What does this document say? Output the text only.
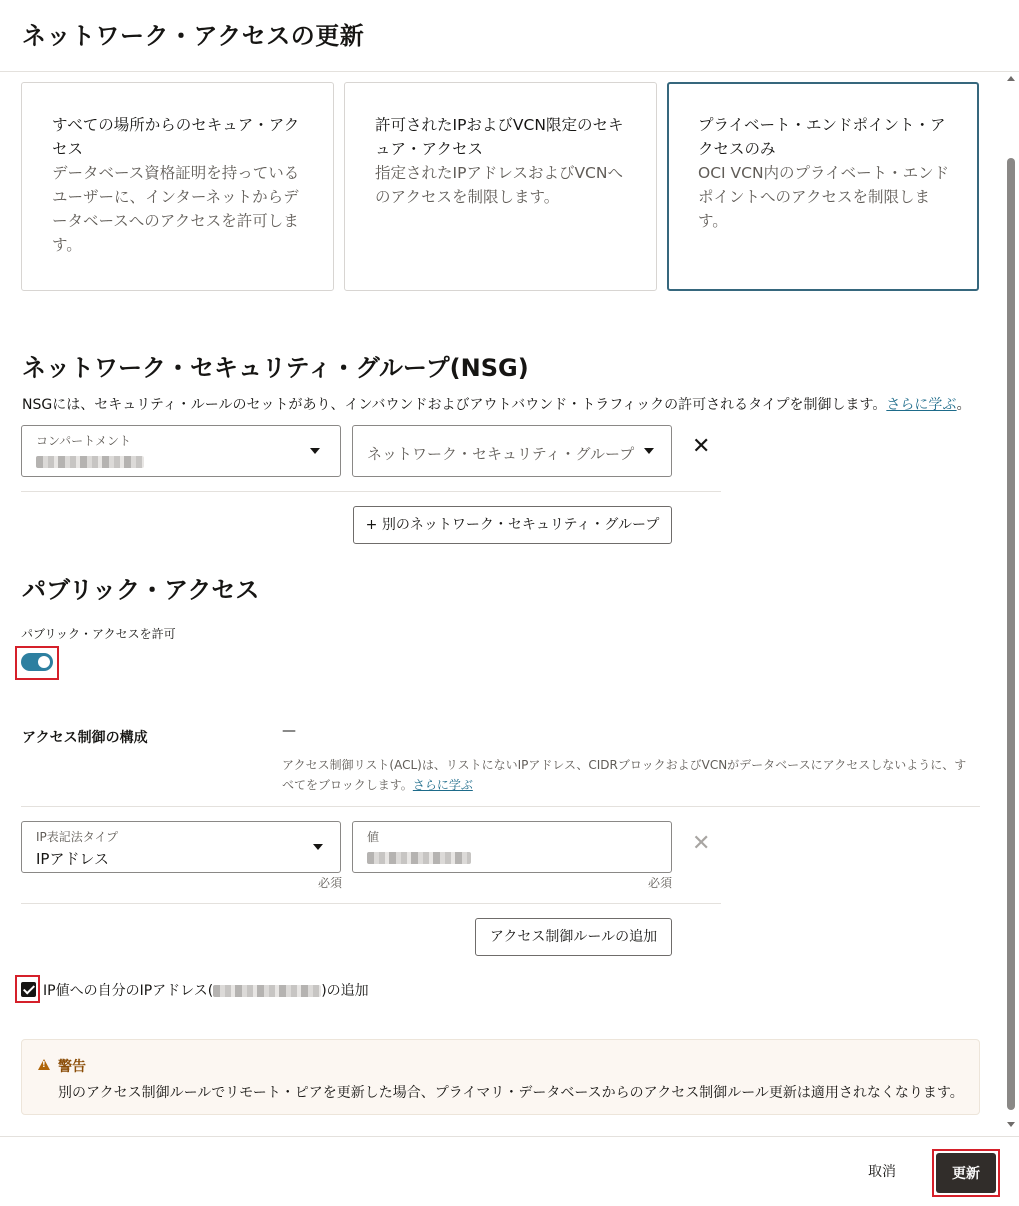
ネットワーク・アクセスの更新
すべての場所からのセキュア・アクセス
データベース資格証明を持っているユーザーに、インターネットからデータベースへのアクセスを許可します。
許可されたIPおよびVCN限定のセキュア・アクセス
指定されたIPアドレスおよびVCNへのアクセスを制限します。
プライベート・エンドポイント・アクセスのみ
OCI VCN内のプライベート・エンドポイントへのアクセスを制限します。
ネットワーク・セキュリティ・グループ(NSG)
NSGには、セキュリティ・ルールのセットがあり、インバウンドおよびアウトバウンド・トラフィックの許可されるタイプを制御します。さらに学ぶ。
コンパートメント
ネットワーク・セキュリティ・グループ	✕
+ 別のネットワーク・セキュリティ・グループ
パブリック・アクセス
パブリック・アクセスを許可
アクセス制御の構成	—
アクセス制御リスト(ACL)は、リストにないIPアドレス、CIDRブロックおよびVCNがデータベースにアクセスしないように、すべてをブロックします。さらに学ぶ
IP表記法タイプ
IPアドレス
必須
値
必須
✕
アクセス制御ルールの追加
IP値への自分のIPアドレス(	)の追加
!
警告
別のアクセス制御ルールでリモート・ピアを更新した場合、プライマリ・データベースからのアクセス制御ルール更新は適用されなくなります。
取消	更新
